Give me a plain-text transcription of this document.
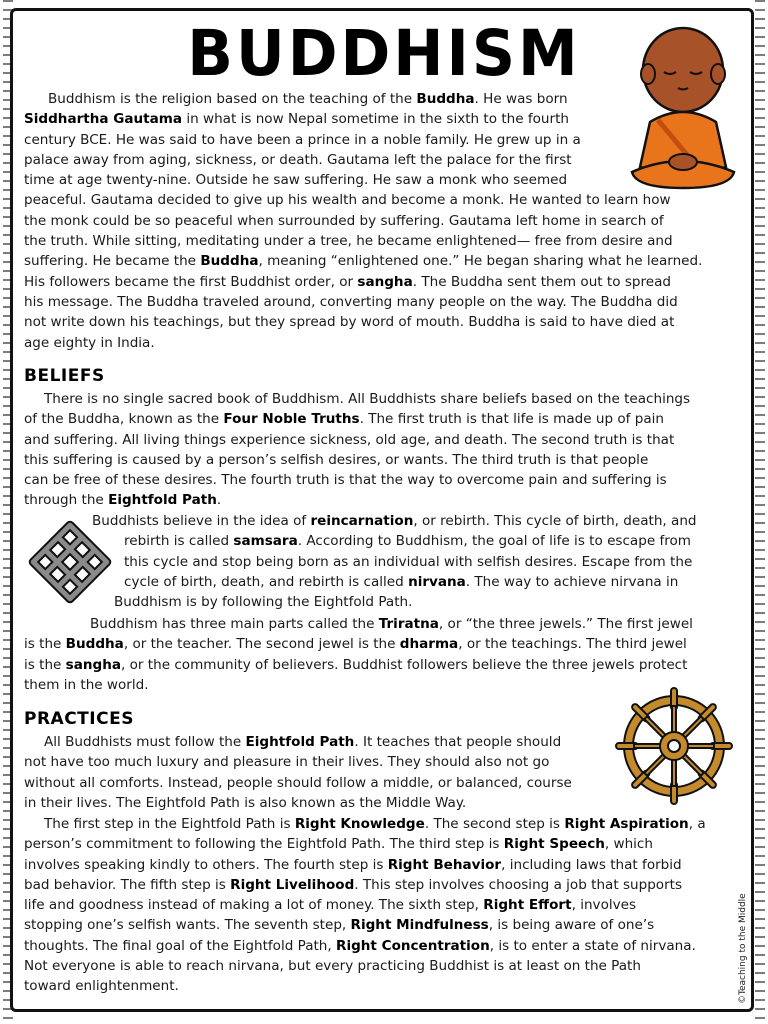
BUDDHISM
Buddhism is the religion based on the teaching of the Buddha. He was born
Siddhartha Gautama in what is now Nepal sometime in the sixth to the fourth
century BCE. He was said to have been a prince in a noble family. He grew up in a
palace away from aging, sickness, or death. Gautama left the palace for the first
time at age twenty-nine. Outside he saw suffering. He saw a monk who seemed
peaceful. Gautama decided to give up his wealth and become a monk. He wanted to learn how
the monk could be so peaceful when surrounded by suffering. Gautama left home in search of
the truth. While sitting, meditating under a tree, he became enlightened— free from desire and
suffering. He became the Buddha, meaning “enlightened one.” He began sharing what he learned.
His followers became the first Buddhist order, or sangha. The Buddha sent them out to spread
his message. The Buddha traveled around, converting many people on the way. The Buddha did
not write down his teachings, but they spread by word of mouth. Buddha is said to have died at
age eighty in India.
BELIEFS
There is no single sacred book of Buddhism. All Buddhists share beliefs based on the teachings
of the Buddha, known as the Four Noble Truths. The first truth is that life is made up of pain
and suffering. All living things experience sickness, old age, and death. The second truth is that
this suffering is caused by a person’s selfish desires, or wants. The third truth is that people
can be free of these desires. The fourth truth is that the way to overcome pain and suffering is
through the Eightfold Path.
Buddhists believe in the idea of reincarnation, or rebirth. This cycle of birth, death, and
rebirth is called samsara. According to Buddhism, the goal of life is to escape from
this cycle and stop being born as an individual with selfish desires. Escape from the
cycle of birth, death, and rebirth is called nirvana. The way to achieve nirvana in
Buddhism is by following the Eightfold Path.
Buddhism has three main parts called the Triratna, or “the three jewels.” The first jewel
is the Buddha, or the teacher. The second jewel is the dharma, or the teachings. The third jewel
is the sangha, or the community of believers. Buddhist followers believe the three jewels protect
them in the world.
PRACTICES
All Buddhists must follow the Eightfold Path. It teaches that people should
not have too much luxury and pleasure in their lives. They should also not go
without all comforts. Instead, people should follow a middle, or balanced, course
in their lives. The Eightfold Path is also known as the Middle Way.
The first step in the Eightfold Path is Right Knowledge. The second step is Right Aspiration, a
person’s commitment to following the Eightfold Path. The third step is Right Speech, which
involves speaking kindly to others. The fourth step is Right Behavior, including laws that forbid
bad behavior. The fifth step is Right Livelihood. This step involves choosing a job that supports
life and goodness instead of making a lot of money. The sixth step, Right Effort, involves
stopping one’s selfish wants. The seventh step, Right Mindfulness, is being aware of one’s
thoughts. The final goal of the Eightfold Path, Right Concentration, is to enter a state of nirvana.
Not everyone is able to reach nirvana, but every practicing Buddhist is at least on the Path
toward enlightenment.	©Teaching to the Middle
